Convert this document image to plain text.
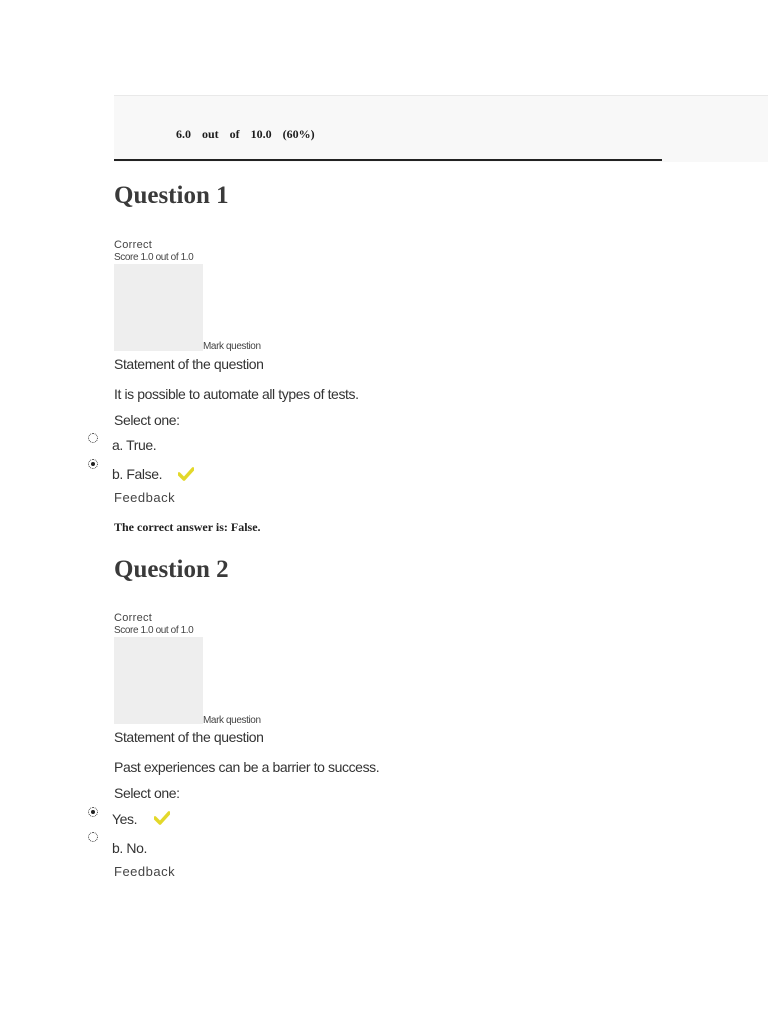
6.0 out of 10.0 (60%)
Question 1
Correct
Score 1.0 out of 1.0
Mark question
Statement of the question
It is possible to automate all types of tests.
Select one:
a. True.
b. False.
Feedback
The correct answer is: False.
Question 2
Correct
Score 1.0 out of 1.0
Mark question
Statement of the question
Past experiences can be a barrier to success.
Select one:
Yes.
b. No.
Feedback
